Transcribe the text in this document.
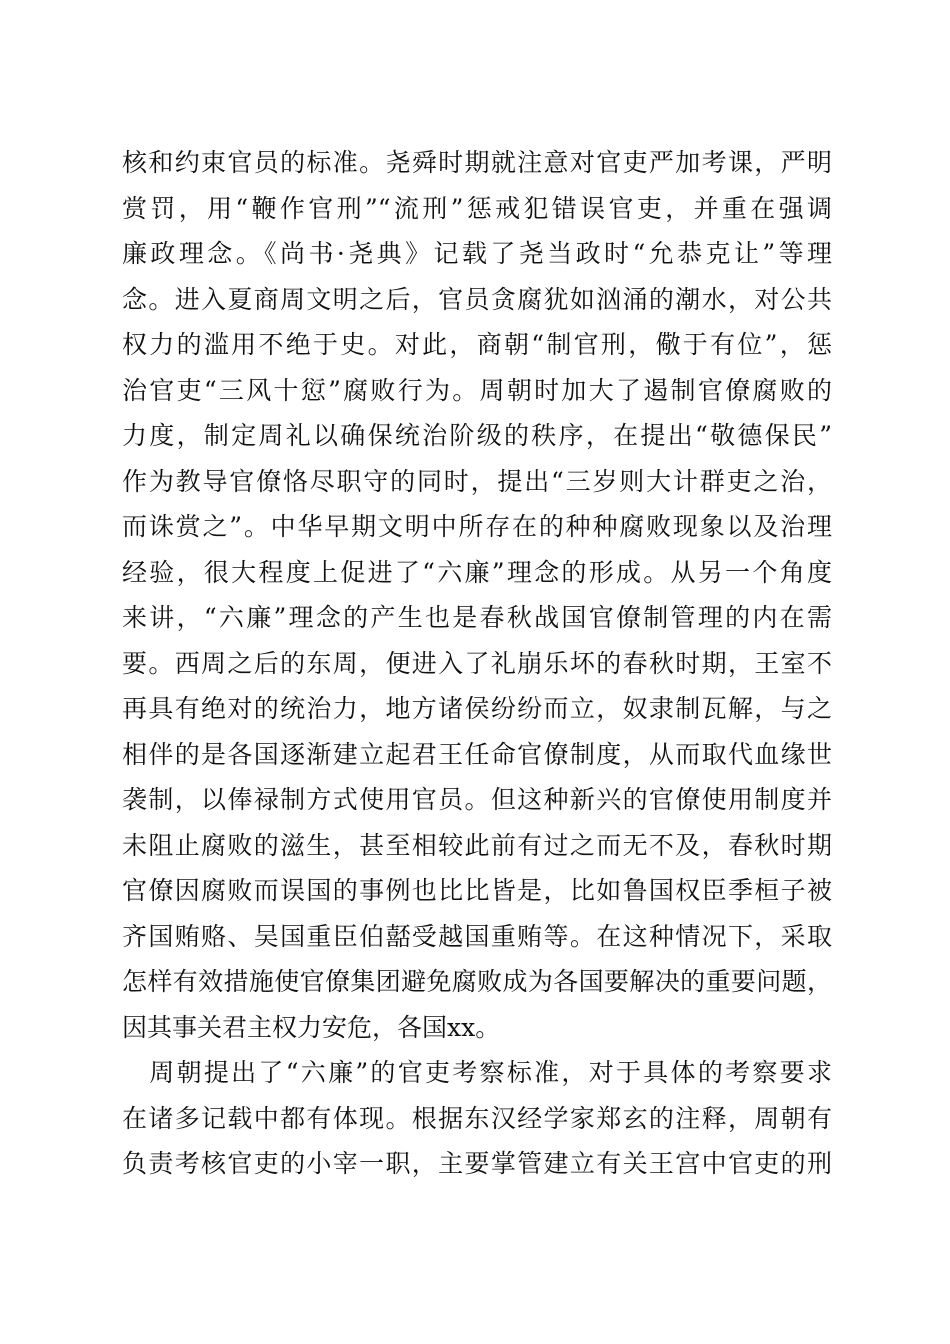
核和约束官员的标准。尧舜时期就注意对官吏严加考课，严明
赏罚，用“鞭作官刑”“流刑”惩戒犯错误官吏，并重在强调
廉政理念。《尚书·尧典》记载了尧当政时“允恭克让”等理
念。进入夏商周文明之后，官员贪腐犹如汹涌的潮水，对公共
权力的滥用不绝于史。对此，商朝“制官刑，儆于有位”，惩
治官吏“三风十愆”腐败行为。周朝时加大了遏制官僚腐败的
力度，制定周礼以确保统治阶级的秩序，在提出“敬德保民”
作为教导官僚恪尽职守的同时，提出“三岁则大计群吏之治，
而诛赏之”。中华早期文明中所存在的种种腐败现象以及治理
经验，很大程度上促进了“六廉”理念的形成。从另一个角度
来讲，“六廉”理念的产生也是春秋战国官僚制管理的内在需
要。西周之后的东周，便进入了礼崩乐坏的春秋时期，王室不
再具有绝对的统治力，地方诸侯纷纷而立，奴隶制瓦解，与之
相伴的是各国逐渐建立起君王任命官僚制度，从而取代血缘世
袭制，以俸禄制方式使用官员。但这种新兴的官僚使用制度并
未阻止腐败的滋生，甚至相较此前有过之而无不及，春秋时期
官僚因腐败而误国的事例也比比皆是，比如鲁国权臣季桓子被
齐国贿赂、吴国重臣伯嚭受越国重贿等。在这种情况下，采取
怎样有效措施使官僚集团避免腐败成为各国要解决的重要问题，
因其事关君主权力安危，各国xx。
　周朝提出了“六廉”的官吏考察标准，对于具体的考察要求
在诸多记载中都有体现。根据东汉经学家郑玄的注释，周朝有
负责考核官吏的小宰一职，主要掌管建立有关王宫中官吏的刑
